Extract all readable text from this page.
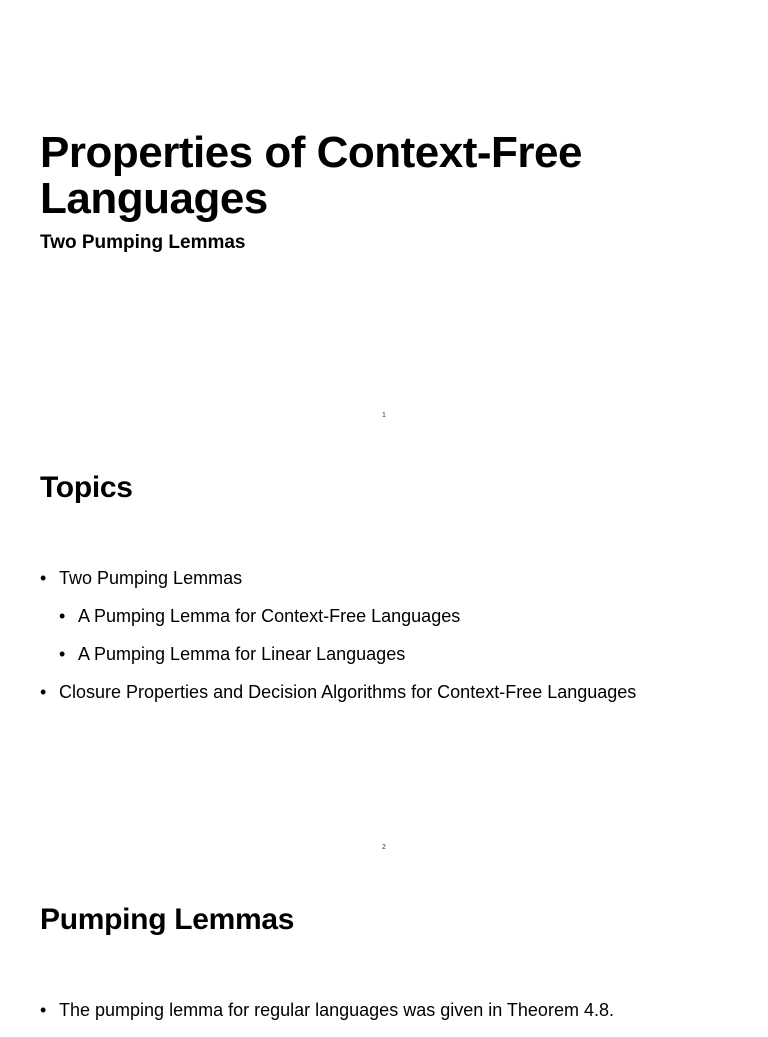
Properties of Context-Free Languages
Two Pumping Lemmas
1
Topics
• Two Pumping Lemmas
• A Pumping Lemma for Context-Free Languages
• A Pumping Lemma for Linear Languages
• Closure Properties and Decision Algorithms for Context-Free Languages
2
Pumping Lemmas
• The pumping lemma for regular languages was given in Theorem 4.8.
